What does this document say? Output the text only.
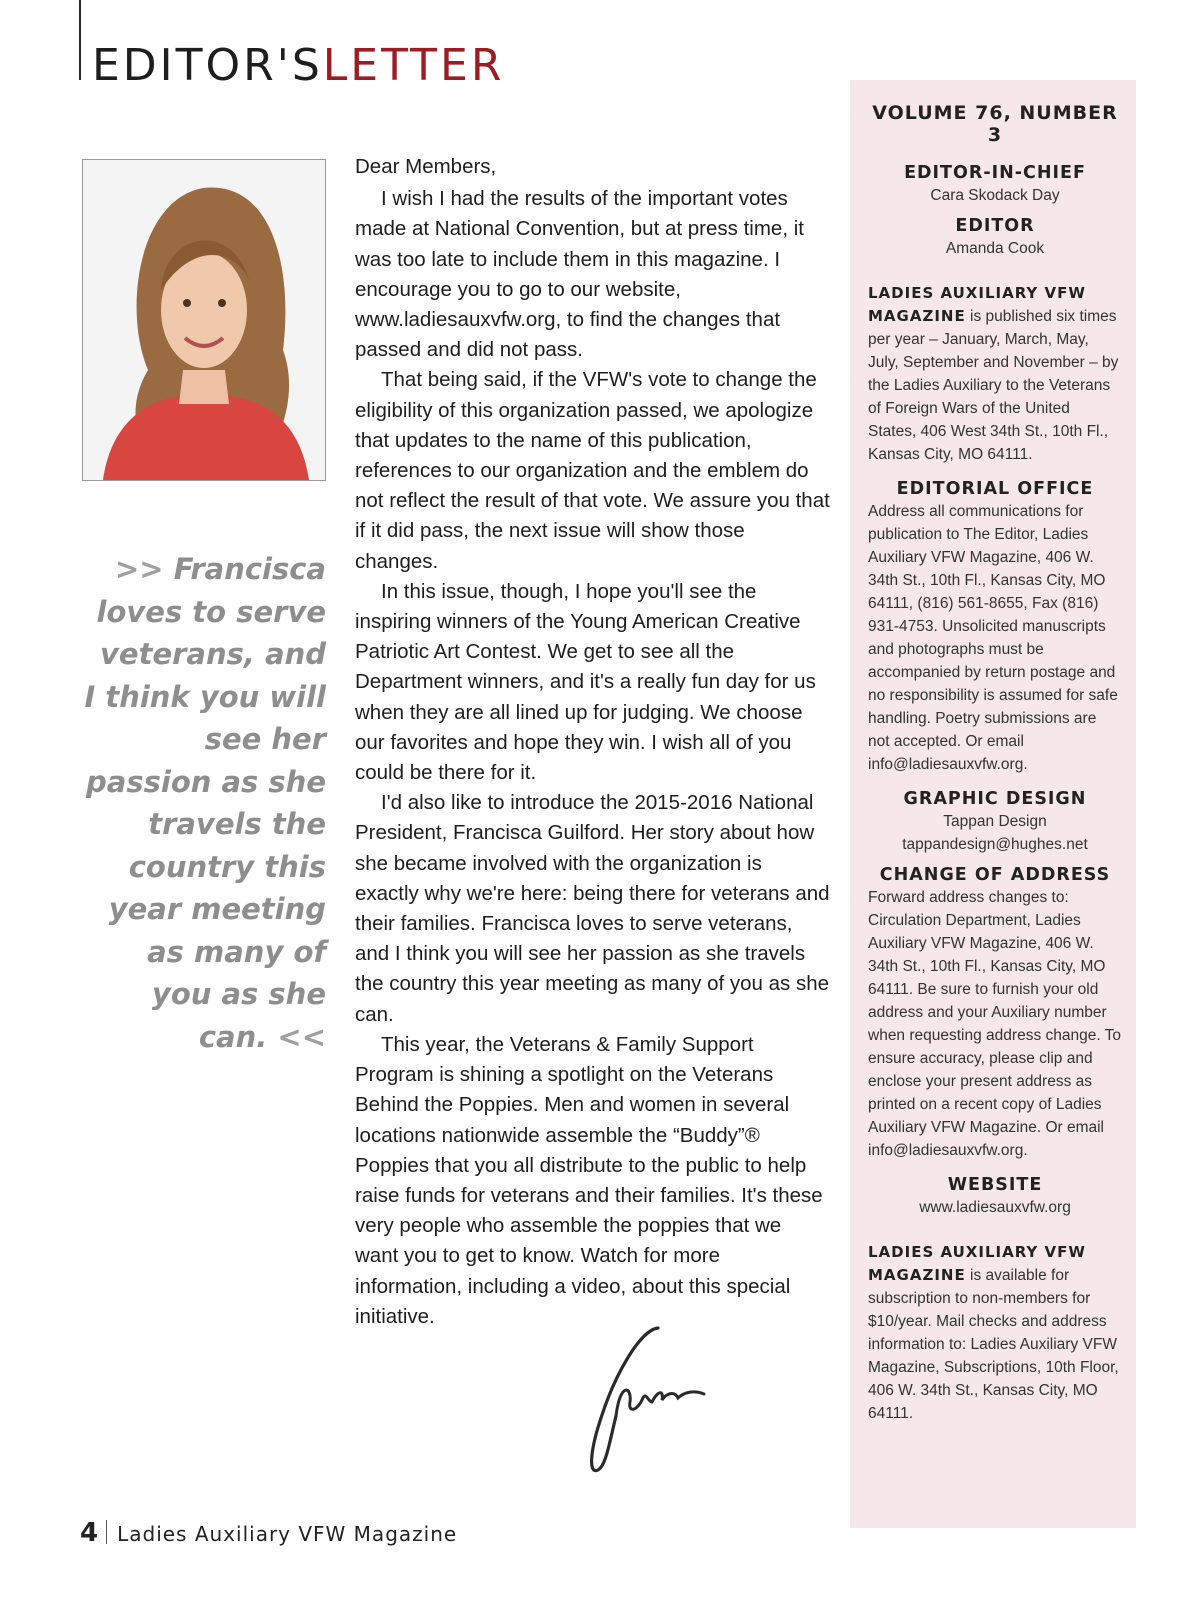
EDITOR'SLETTER
>> Francisca loves to serve veterans, and I think you will see her passion as she travels the country this year meeting as many of you as she can. <<

Dear Members,

I wish I had the results of the important votes made at National Convention, but at press time, it was too late to include them in this magazine. I encourage you to go to our website, www.ladiesauxvfw.org, to find the changes that passed and did not pass.

That being said, if the VFW's vote to change the eligibility of this organization passed, we apologize that updates to the name of this publication, references to our organization and the emblem do not reflect the result of that vote. We assure you that if it did pass, the next issue will show those changes.

In this issue, though, I hope you'll see the inspiring winners of the Young American Creative Patriotic Art Contest. We get to see all the Department winners, and it's a really fun day for us when they are all lined up for judging. We choose our favorites and hope they win. I wish all of you could be there for it.

I'd also like to introduce the 2015-2016 National President, Francisca Guilford. Her story about how she became involved with the organization is exactly why we're here: being there for veterans and their families. Francisca loves to serve veterans, and I think you will see her passion as she travels the country this year meeting as many of you as she can.

This year, the Veterans & Family Support Program is shining a spotlight on the Veterans Behind the Poppies. Men and women in several locations nationwide assemble the “Buddy”® Poppies that you all distribute to the public to help raise funds for veterans and their families. It's these very people who assemble the poppies that we want you to get to know. Watch for more information, including a video, about this special initiative.

VOLUME 76, NUMBER 3

EDITOR-IN-CHIEF

Cara Skodack Day

EDITOR

Amanda Cook

LADIES AUXILIARY VFW MAGAZINE is published six times per year – January, March, May, July, September and November – by the Ladies Auxiliary to the Veterans of Foreign Wars of the United States, 406 West 34th St., 10th Fl., Kansas City, MO 64111.

EDITORIAL OFFICE

Address all communications for publication to The Editor, Ladies Auxiliary VFW Magazine, 406 W. 34th St., 10th Fl., Kansas City, MO 64111, (816) 561-8655, Fax (816) 931-4753. Unsolicited manuscripts and photographs must be accompanied by return postage and no responsibility is assumed for safe handling. Poetry submissions are not accepted. Or email info@ladiesauxvfw.org.

GRAPHIC DESIGN

Tappan Design

tappandesign@hughes.net

CHANGE OF ADDRESS

Forward address changes to: Circulation Department, Ladies Auxiliary VFW Magazine, 406 W. 34th St., 10th Fl., Kansas City, MO 64111. Be sure to furnish your old address and your Auxiliary number when requesting address change. To ensure accuracy, please clip and enclose your present address as printed on a recent copy of Ladies Auxiliary VFW Magazine. Or email info@ladiesauxvfw.org.

WEBSITE

www.ladiesauxvfw.org

LADIES AUXILIARY VFW MAGAZINE is available for subscription to non-members for $10/year. Mail checks and address information to: Ladies Auxiliary VFW Magazine, Subscriptions, 10th Floor, 406 W. 34th St., Kansas City, MO 64111.

4 Ladies Auxiliary VFW Magazine
